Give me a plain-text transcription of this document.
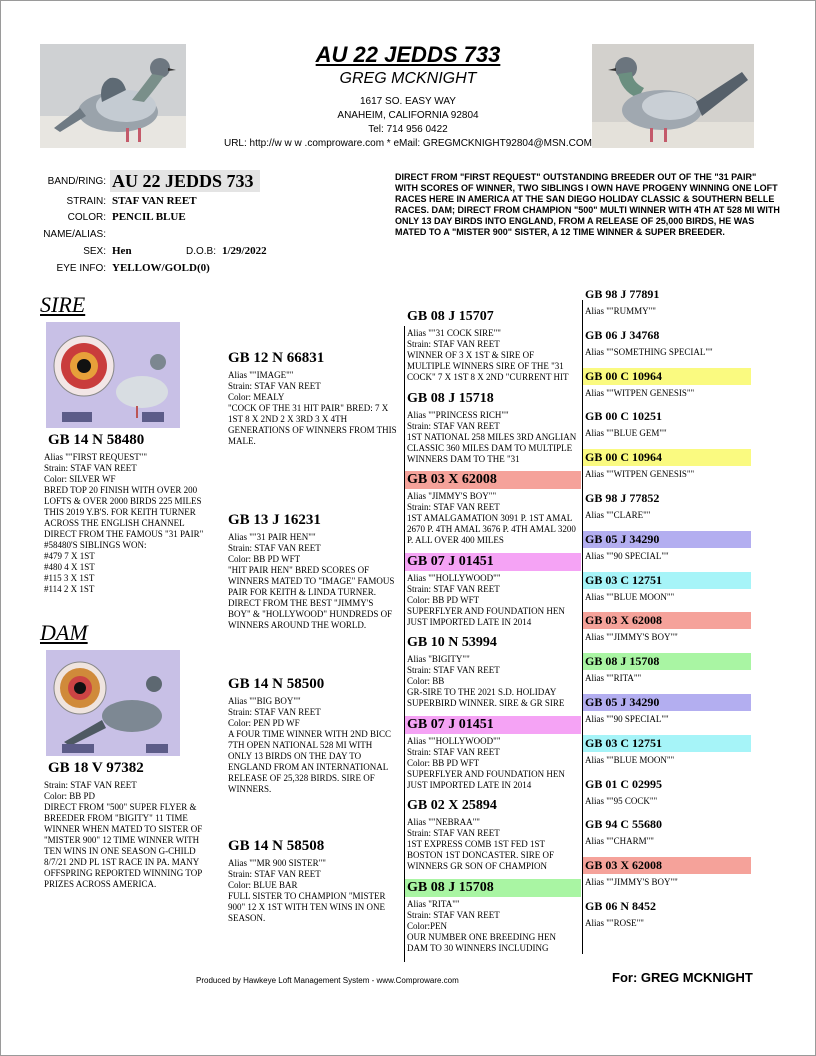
AU 22 JEDDS 733
GREG MCKNIGHT
1617 SO. EASY WAY
ANAHEIM, CALIFORNIA 92804
Tel: 714 956 0422
URL: http://w w w .comproware.com * eMail: GREGMCKNIGHT92804@MSN.COM
BAND/RING: AU 22 JEDDS 733
STRAIN: STAF VAN REET
COLOR: PENCIL BLUE
NAME/ALIAS:
SEX: Hen	D.O.B: 1/29/2022
EYE INFO: YELLOW/GOLD(0)
DIRECT FROM "FIRST REQUEST" OUTSTANDING BREEDER OUT OF THE "31 PAIR" WITH SCORES OF WINNER, TWO SIBLINGS I OWN HAVE PROGENY WINNING ONE LOFT RACES HERE IN AMERICA AT THE SAN DIEGO HOLIDAY CLASSIC & SOUTHERN BELLE RACES. DAM; DIRECT FROM CHAMPION "500" MULTI WINNER WITH 4TH AT 528 MI WITH ONLY 13 DAY BIRDS INTO ENGLAND, FROM A RELEASE OF 25,000 BIRDS, HE WAS MATED TO A "MISTER 900" SISTER, A 12 TIME WINNER & SUPER BREEDER.
SIRE
GB 14 N 58480
Alias ""FIRST REQUEST""
Strain: STAF VAN REET
Color: SILVER WF
BRED TOP 20 FINISH WITH OVER 200 LOFTS & OVER 2000 BIRDS 225 MILES THIS 2019 Y.B'S. FOR KEITH TURNER ACROSS THE ENGLISH CHANNEL DIRECT FROM THE FAMOUS "31 PAIR"
#58480'S SIBLINGS WON:
#479 7 X 1ST
#480 4 X 1ST
#115 3 X 1ST
#114 2 X 1ST
DAM
GB 18 V 97382
Strain: STAF VAN REET
Color: BB PD
DIRECT FROM "500" SUPER FLYER & BREEDER FROM "BIGITY" 11 TIME WINNER WHEN MATED TO SISTER OF "MISTER 900" 12 TIME WINNER WITH TEN WINS IN ONE SEASON G-CHILD 8/7/21 2ND PL 1ST RACE IN PA. MANY OFFSPRING REPORTED WINNING TOP PRIZES ACROSS AMERICA.
GB 12 N 66831
Alias ""IMAGE""
Strain: STAF VAN REET
Color: MEALY
"COCK OF THE 31 HIT PAIR" BRED: 7 X 1ST 8 X 2ND 2 X 3RD 3 X 4TH GENERATIONS OF WINNERS FROM THIS MALE.
GB 13 J 16231
Alias ""31 PAIR HEN""
Strain: STAF VAN REET
Color: BB PD WFT
"HIT PAIR HEN" BRED SCORES OF WINNERS MATED TO "IMAGE" FAMOUS PAIR FOR KEITH & LINDA TURNER. DIRECT FROM THE BEST "JIMMY'S BOY" & "HOLLYWOOD" HUNDREDS OF WINNERS AROUND THE WORLD.
GB 14 N 58500
Alias ""BIG BOY""
Strain: STAF VAN REET
Color: PEN PD WF
A FOUR TIME WINNER WITH 2ND BICC 7TH OPEN NATIONAL 528 MI WITH ONLY 13 BIRDS ON THE DAY TO ENGLAND FROM AN INTERNATIONAL RELEASE OF 25,328 BIRDS. SIRE OF WINNERS.
GB 14 N 58508
Alias ""MR 900 SISTER""
Strain: STAF VAN REET
Color: BLUE BAR
FULL SISTER TO CHAMPION "MISTER 900" 12 X 1ST WITH TEN WINS IN ONE SEASON.
GB 08 J 15707
Alias ""31 COCK SIRE""
Strain: STAF VAN REET
WINNER OF 3 X 1ST & SIRE OF MULTIPLE WINNERS SIRE OF THE "31 COCK" 7 X 1ST 8 X 2ND "CURRENT HIT
GB 08 J 15718
Alias ""PRINCESS RICH""
Strain: STAF VAN REET
1ST NATIONAL 258 MILES 3RD ANGLIAN CLASSIC 360 MILES DAM TO MULTIPLE WINNERS DAM TO THE "31
GB 03 X 62008
Alias "JIMMY'S BOY""
Strain: STAF VAN REET
1ST AMALGAMATION 3091 P. 1ST AMAL 2670 P. 4TH AMAL 3676 P. 4TH AMAL 3200 P. ALL OVER 400 MILES
GB 07 J 01451
Alias ""HOLLYWOOD""
Strain: STAF VAN REET
Color: BB PD WFT
SUPERFLYER AND FOUNDATION HEN JUST IMPORTED LATE IN 2014
GB 10 N 53994
Alias "BIGITY""
Strain: STAF VAN REET
Color: BB
GR-SIRE TO THE 2021 S.D. HOLIDAY SUPERBIRD WINNER. SIRE & GR SIRE
GB 07 J 01451
Alias ""HOLLYWOOD""
Strain: STAF VAN REET
Color: BB PD WFT
SUPERFLYER AND FOUNDATION HEN JUST IMPORTED LATE IN 2014
GB 02 X 25894
Alias ""NEBRAA""
Strain: STAF VAN REET
1ST EXPRESS COMB 1ST FED 1ST BOSTON 1ST DONCASTER. SIRE OF WINNERS GR SON OF CHAMPION
GB 08 J 15708
Alias "RITA""
Strain: STAF VAN REET
Color:PEN
OUR NUMBER ONE BREEDING HEN DAM TO 30 WINNERS INCLUDING
GB 98 J 77891
Alias ""RUMMY""
GB 06 J 34768
Alias ""SOMETHING SPECIAL""
GB 00 C 10964
Alias ""WITPEN GENESIS""
GB 00 C 10251
Alias ""BLUE GEM""
GB 00 C 10964
Alias ""WITPEN GENESIS""
GB 98 J 77852
Alias ""CLARE""
GB 05 J 34290
Alias ""90 SPECIAL""
GB 03 C 12751
Alias ""BLUE MOON""
GB 03 X 62008
Alias ""JIMMY'S BOY""
GB 08 J 15708
Alias ""RITA""
GB 05 J 34290
Alias ""90 SPECIAL""
GB 03 C 12751
Alias ""BLUE MOON""
GB 01 C 02995
Alias ""95 COCK""
GB 94 C 55680
Alias ""CHARM""
GB 03 X 62008
Alias ""JIMMY'S BOY""
GB 06 N 8452
Alias ""ROSE""
Produced by Hawkeye Loft Management System - www.Comproware.com	For: GREG MCKNIGHT
